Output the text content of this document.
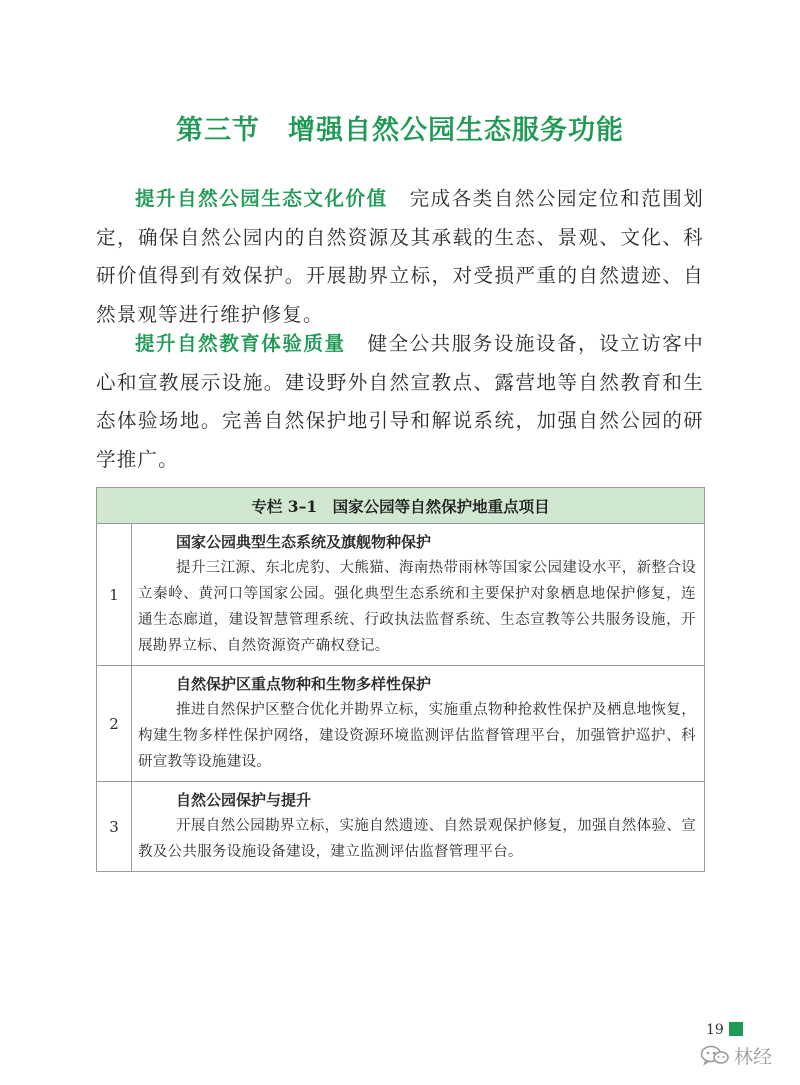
第三节　增强自然公园生态服务功能
提升自然公园生态文化价值 完成各类自然公园定位和范围划定，确保自然公园内的自然资源及其承载的生态、景观、文化、科研价值得到有效保护。开展勘界立标，对受损严重的自然遗迹、自然景观等进行维护修复。
提升自然教育体验质量 健全公共服务设施设备，设立访客中心和宣教展示设施。建设野外自然宣教点、露营地等自然教育和生态体验场地。完善自然保护地引导和解说系统，加强自然公园的研学推广。
专栏 3–1　国家公园等自然保护地重点项目	
1	国家公园典型生态系统及旗舰物种保护
提升三江源、东北虎豹、大熊猫、海南热带雨林等国家公园建设水平，新整合设立秦岭、黄河口等国家公园。强化典型生态系统和主要保护对象栖息地保护修复，连通生态廊道，建设智慧管理系统、行政执法监督系统、生态宣教等公共服务设施，开展勘界立标、自然资源资产确权登记。

2	自然保护区重点物种和生物多样性保护
推进自然保护区整合优化并勘界立标，实施重点物种抢救性保护及栖息地恢复，构建生物多样性保护网络，建设资源环境监测评估监督管理平台，加强管护巡护、科研宣教等设施建设。

3	自然公园保护与提升
开展自然公园勘界立标，实施自然遗迹、自然景观保护修复，加强自然体验、宣教及公共服务设施设备建设，建立监测评估监督管理平台。
19
林经
